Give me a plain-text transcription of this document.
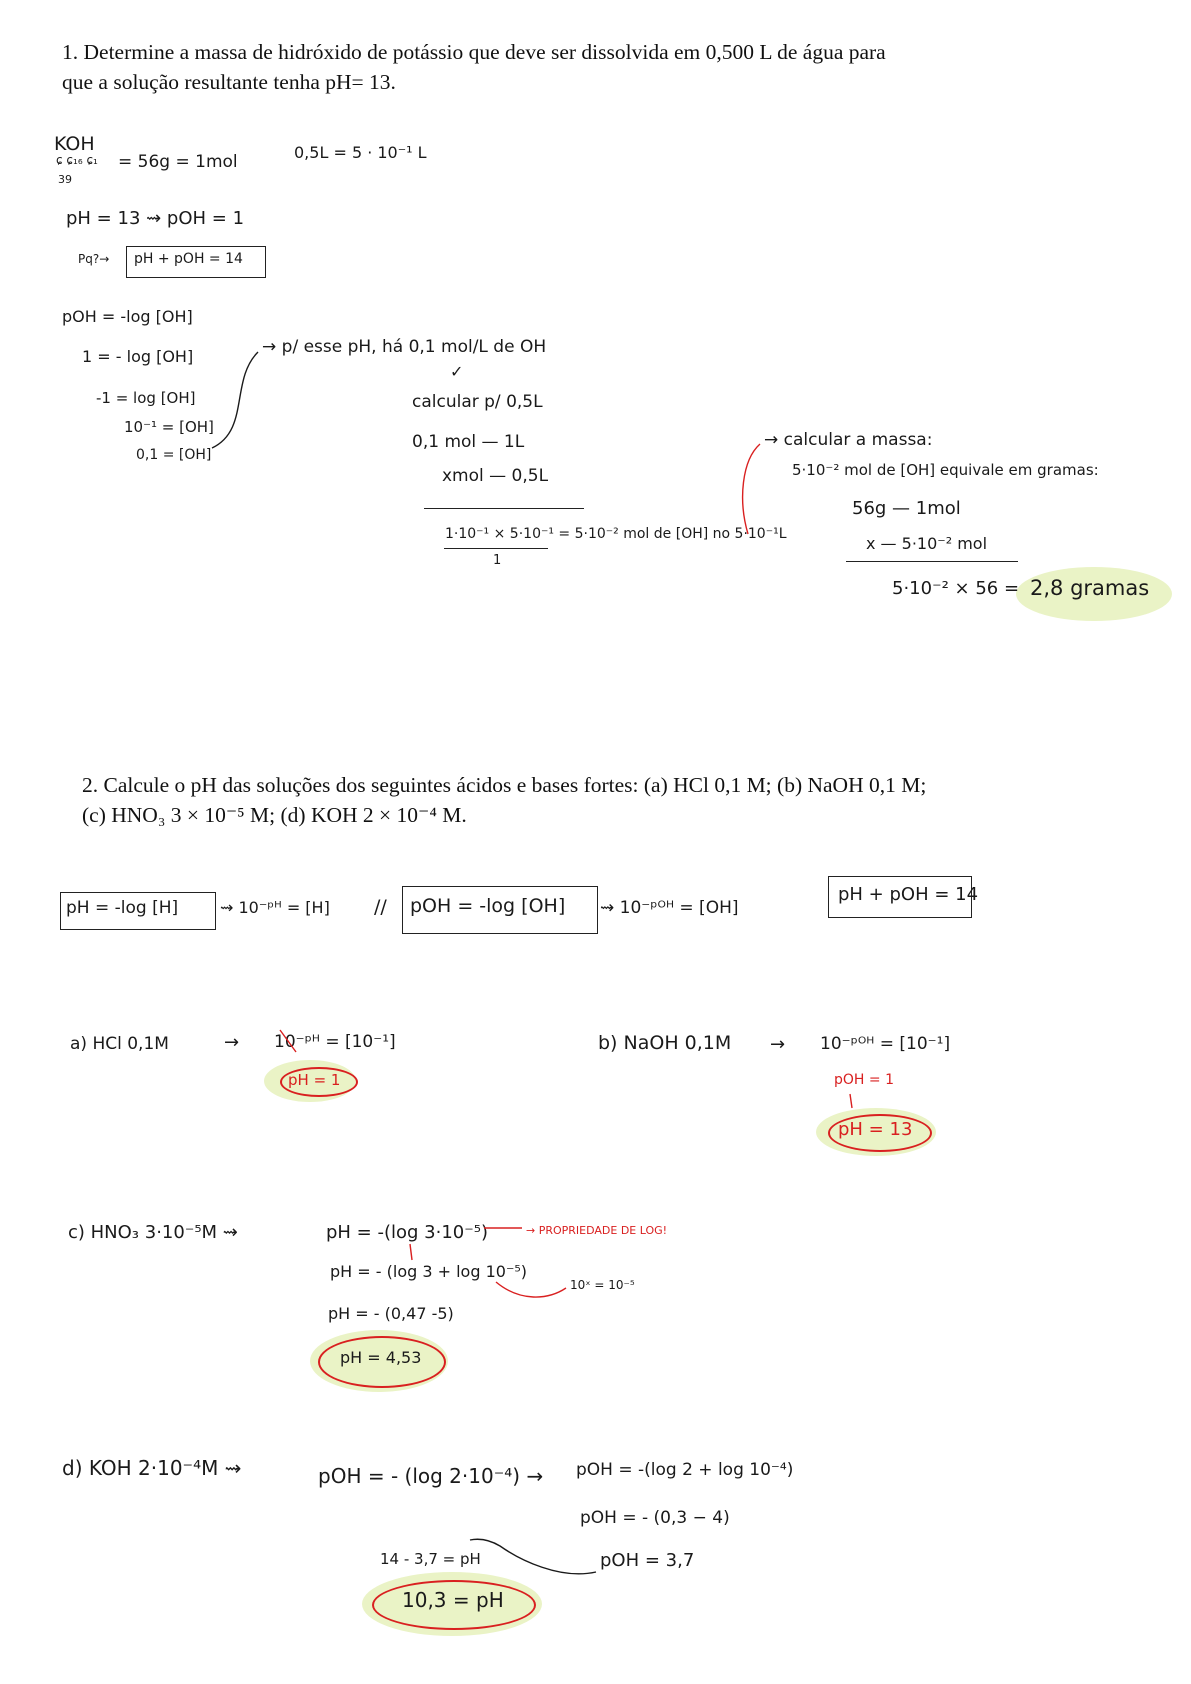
1. Determine a massa de hidróxido de potássio que deve ser dissolvida em 0,500 L de água para
que a solução resultante tenha pH= 13.
KOH
ɕ ɕ₁₆ ɕ₁
39
= 56g = 1mol	0,5L = 5 · 10⁻¹ L
pH = 13 ⇝ pOH = 1
Pq?→ pH + pOH = 14
pOH = -log [OH]
1 = - log [OH]
-1 = log [OH]
10⁻¹ = [OH]
0,1 = [OH]
→ p/ esse pH, há 0,1 mol/L de OH
✓
calcular p/ 0,5L
0,1 mol — 1L
xmol — 0,5L
1·10⁻¹ × 5·10⁻¹ = 5·10⁻² mol de [OH] no 5·10⁻¹L
1
→ calcular a massa:
5·10⁻² mol de [OH] equivale em gramas:
56g — 1mol
x — 5·10⁻² mol
5·10⁻² × 56 = 2,8 gramas
2. Calcule o pH das soluções dos seguintes ácidos e bases fortes: (a) HCl 0,1 M; (b) NaOH 0,1 M;
(c) HNO₃ 3 × 10⁻⁵ M; (d) KOH 2 × 10⁻⁴ M.
pH = -log [H]	⇝ 10⁻ᵖᴴ = [H] // pOH = -log [OH] ⇝ 10⁻ᵖᴼᴴ = [OH]
pH + pOH = 14
a) HCl 0,1M	→ 10⁻ᵖᴴ = [10⁻¹]
pH = 1
b) NaOH 0,1M → 10⁻ᵖᴼᴴ = [10⁻¹]
pOH = 1
pH = 13
c) HNO₃ 3·10⁻⁵M ⇝	pH = -(log 3·10⁻⁵)	→ PROPRIEDADE DE LOG!
pH = - (log 3 + log 10⁻⁵)
10ˣ = 10⁻⁵
pH = - (0,47 -5)
pH = 4,53
d) KOH 2·10⁻⁴M ⇝	pOH = - (log 2·10⁻⁴) → pOH = -(log 2 + log 10⁻⁴)
pOH = - (0,3 − 4)
pOH = 3,7
14 - 3,7 = pH
10,3 = pH
